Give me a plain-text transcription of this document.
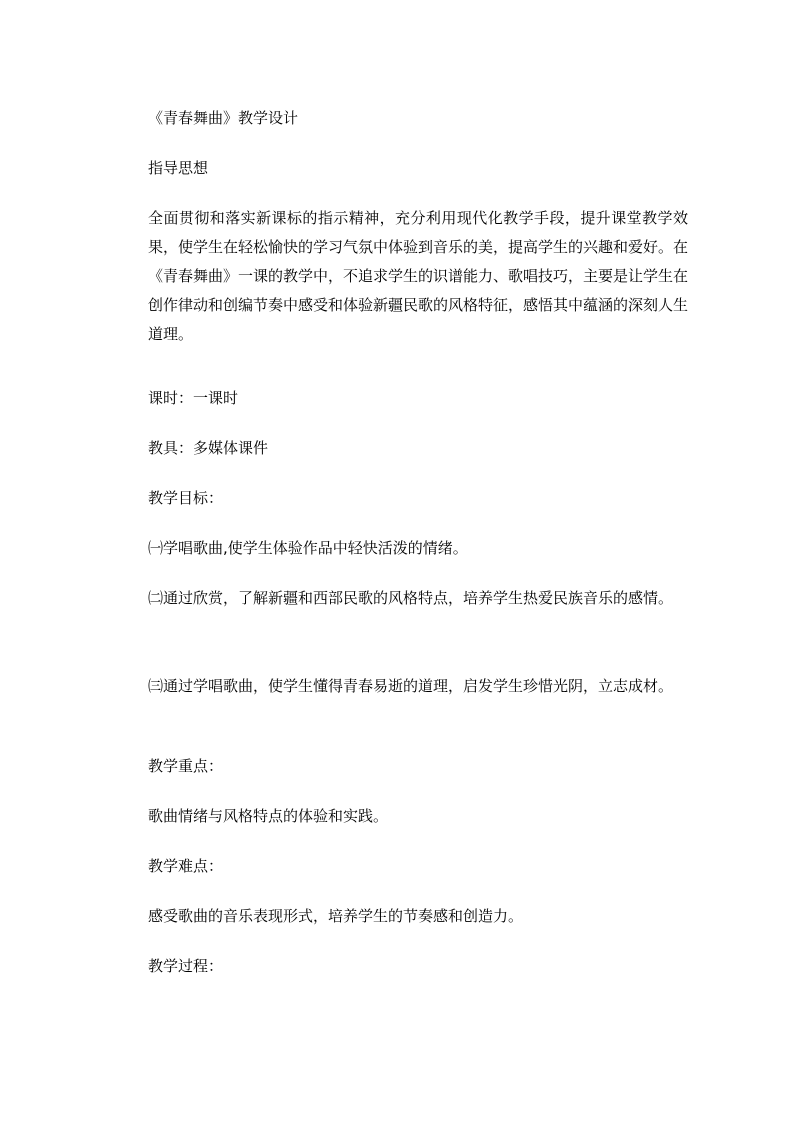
《青春舞曲》教学设计
指导思想
全面贯彻和落实新课标的指示精神，充分利用现代化教学手段，提升课堂教学效果，使学生在轻松愉快的学习气氛中体验到音乐的美，提高学生的兴趣和爱好。在《青春舞曲》一课的教学中，不追求学生的识谱能力、歌唱技巧，主要是让学生在创作律动和创编节奏中感受和体验新疆民歌的风格特征，感悟其中蕴涵的深刻人生道理。
课时：一课时
教具：多媒体课件
教学目标：
㈠学唱歌曲,使学生体验作品中轻快活泼的情绪。
㈡通过欣赏，了解新疆和西部民歌的风格特点，培养学生热爱民族音乐的感情。
㈢通过学唱歌曲，使学生懂得青春易逝的道理，启发学生珍惜光阴，立志成材。
教学重点：
歌曲情绪与风格特点的体验和实践。
教学难点：
感受歌曲的音乐表现形式，培养学生的节奏感和创造力。
教学过程：
